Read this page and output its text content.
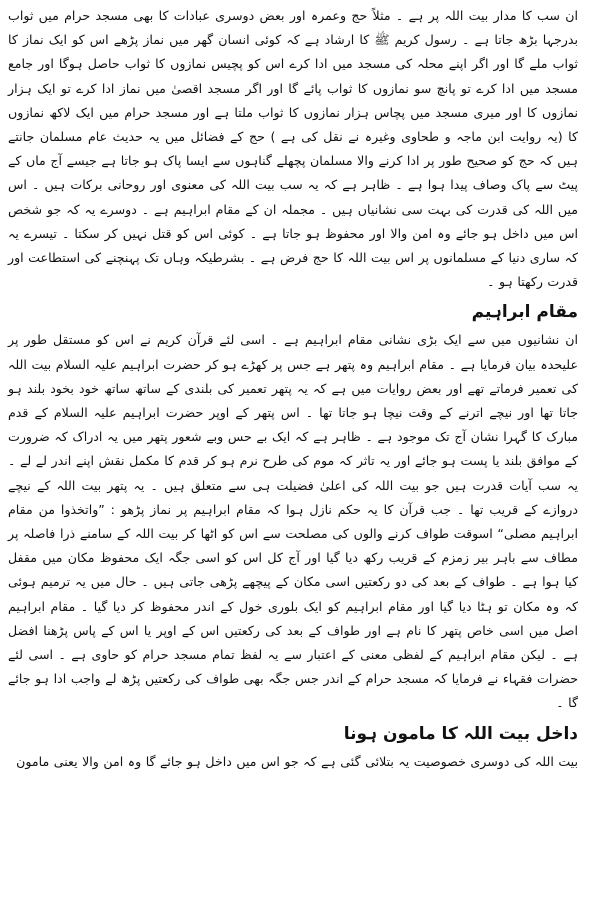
ان سب کا مدار بیت اللہ پر ہے ۔ مثلاً حج وعمرہ اور بعض دوسری عبادات کا بھی مسجد حرام میں ثواب بدرجہا بڑھ جاتا ہے ۔ رسول کریم ﷺ کا ارشاد ہے کہ کوئی انسان گھر میں نماز پڑھے اس کو ایک نماز کا ثواب ملے گا اور اگر اپنے محلہ کی مسجد میں ادا کرے اس کو پچیس نمازوں کا ثواب حاصل ہوگا اور جامع مسجد میں ادا کرے تو پانچ سو نمازوں کا ثواب پائے گا اور اگر مسجد اقصیٰ میں نماز ادا کرے تو ایک ہزار نمازوں کا اور میری مسجد میں پچاس ہزار نمازوں کا ثواب ملتا ہے اور مسجد حرام میں ایک لاکھ نمازوں کا (یہ روایت ابن ماجہ و طحاوی وغیرہ نے نقل کی ہے ) حج کے فضائل میں یہ حدیث عام مسلمان جانتے ہیں کہ حج کو صحیح طور پر ادا کرنے والا مسلمان پچھلے گناہوں سے ایسا پاک ہو جاتا ہے جیسے آج ماں کے پیٹ سے پاک وصاف پیدا ہوا ہے ۔ ظاہر ہے کہ یہ سب بیت اللہ کی معنوی اور روحانی برکات ہیں ۔ اس میں اللہ کی قدرت کی بہت سی نشانیاں ہیں ۔ مجملہ ان کے مقام ابراہیم ہے ۔ دوسرے یہ کہ جو شخص اس میں داخل ہو جائے وہ امن والا اور محفوظ ہو جاتا ہے ۔ کوئی اس کو قتل نہیں کر سکتا ۔ تیسرے یہ کہ ساری دنیا کے مسلمانوں پر اس بیت اللہ کا حج فرض ہے ۔ بشرطیکہ وہاں تک پہنچنے کی استطاعت اور قدرت رکھتا ہو ۔

مقام ابراہیم

ان نشانیوں میں سے ایک بڑی نشانی مقام ابراہیم ہے ۔ اسی لئے قرآن کریم نے اس کو مستقل طور پر علیحدہ بیان فرمایا ہے ۔ مقام ابراہیم وہ پتھر ہے جس پر کھڑے ہو کر حضرت ابراہیم علیہ السلام بیت اللہ کی تعمیر فرماتے تھے اور بعض روایات میں ہے کہ یہ پتھر تعمیر کی بلندی کے ساتھ ساتھ خود بخود بلند ہو جاتا تھا اور نیچے اترنے کے وقت نیچا ہو جاتا تھا ۔ اس پتھر کے اوپر حضرت ابراہیم علیہ السلام کے قدم مبارک کا گہرا نشان آج تک موجود ہے ۔ ظاہر ہے کہ ایک بے حس وبے شعور پتھر میں یہ ادراک کہ ضرورت کے موافق بلند یا پست ہو جائے اور یہ تاثر کہ موم کی طرح نرم ہو کر قدم کا مکمل نقش اپنے اندر لے لے ۔ یہ سب آیات قدرت ہیں جو بیت اللہ کی اعلیٰ فضیلت ہی سے متعلق ہیں ۔ یہ پتھر بیت اللہ کے نیچے دروازے کے قریب تھا ۔ جب قرآن کا یہ حکم نازل ہوا کہ مقام ابراہیم پر نماز پڑھو : ”واتخذوا من مقام ابراہیم مصلی“ اسوقت طواف کرنے والوں کی مصلحت سے اس کو اٹھا کر بیت اللہ کے سامنے ذرا فاصلہ پر مطاف سے باہر بیر زمزم کے قریب رکھ دیا گیا اور آج کل اس کو اسی جگہ ایک محفوظ مکان میں مقفل کیا ہوا ہے ۔ طواف کے بعد کی دو رکعتیں اسی مکان کے پیچھے پڑھی جاتی ہیں ۔ حال میں یہ ترمیم ہوئی کہ وہ مکان تو ہٹا دیا گیا اور مقام ابراہیم کو ایک بلوری خول کے اندر محفوظ کر دیا گیا ۔ مقام ابراہیم اصل میں اسی خاص پتھر کا نام ہے اور طواف کے بعد کی رکعتیں اس کے اوپر یا اس کے پاس پڑھنا افضل ہے ۔ لیکن مقام ابراہیم کے لفظی معنی کے اعتبار سے یہ لفظ تمام مسجد حرام کو حاوی ہے ۔ اسی لئے حضرات فقہاء نے فرمایا کہ مسجد حرام کے اندر جس جگہ بھی طواف کی رکعتیں پڑھ لے واجب ادا ہو جائے گا ۔

داخل بیت اللہ کا مامون ہونا

بیت اللہ کی دوسری خصوصیت یہ بتلائی گئی ہے کہ جو اس میں داخل ہو جائے گا وہ امن والا یعنی مامون
